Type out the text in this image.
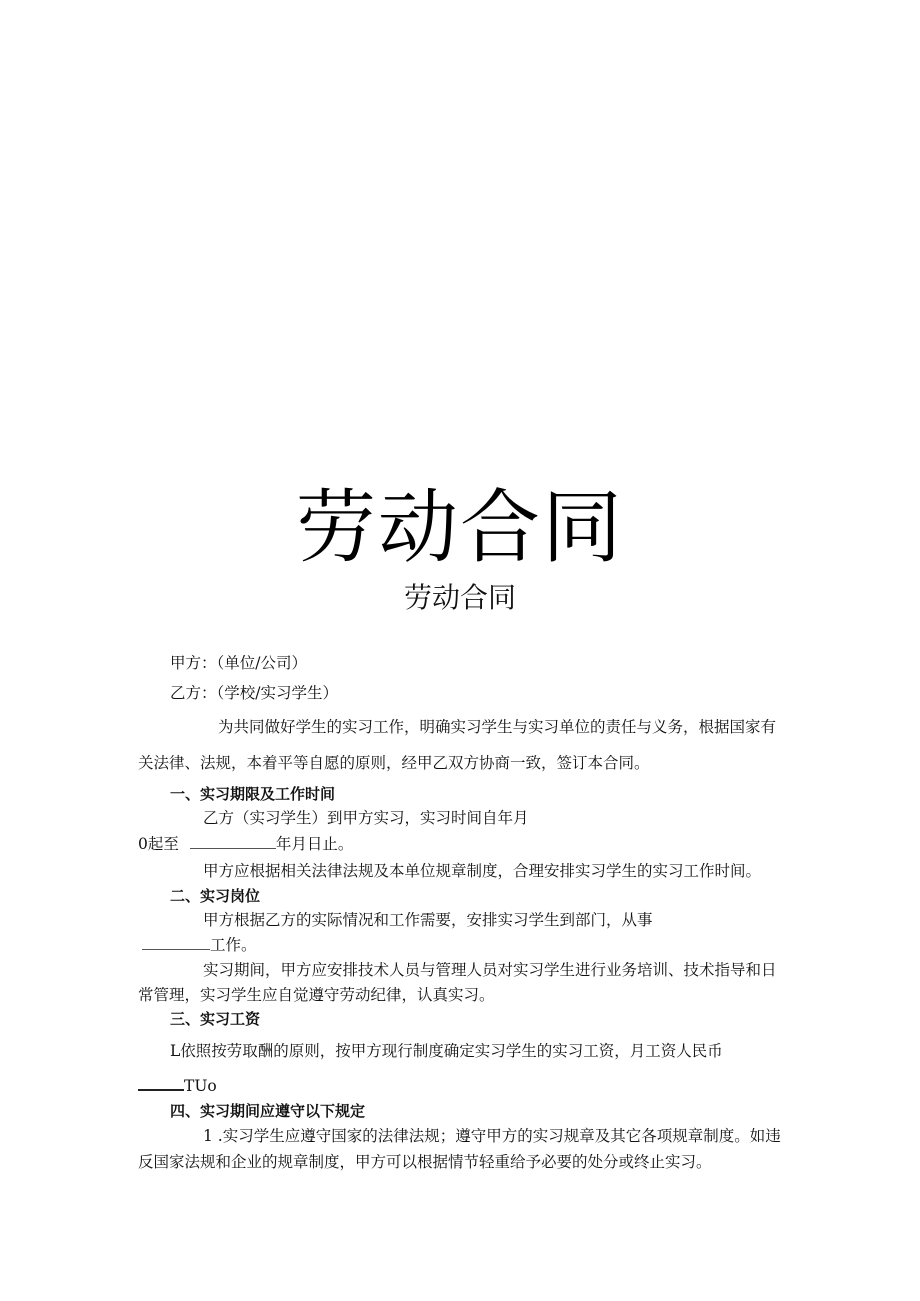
劳动合同
劳动合同
甲方：（单位/公司）
乙方：（学校/实习学生）
为共同做好学生的实习工作，明确实习学生与实习单位的责任与义务，根据国家有
关法律、法规，本着平等自愿的原则，经甲乙双方协商一致，签订本合同。
一、实习期限及工作时间
乙方（实习学生）到甲方实习，实习时间自年月
0起至	年月日止。
甲方应根据相关法律法规及本单位规章制度，合理安排实习学生的实习工作时间。
二、实习岗位
甲方根据乙方的实际情况和工作需要，安排实习学生到部门，从事
工作。
实习期间，甲方应安排技术人员与管理人员对实习学生进行业务培训、技术指导和日
常管理，实习学生应自觉遵守劳动纪律，认真实习。
三、实习工资
L依照按劳取酬的原则，按甲方现行制度确定实习学生的实习工资，月工资人民币
TUo
四、实习期间应遵守以下规定
1 .实习学生应遵守国家的法律法规；遵守甲方的实习规章及其它各项规章制度。如违
反国家法规和企业的规章制度，甲方可以根据情节轻重给予必要的处分或终止实习。
